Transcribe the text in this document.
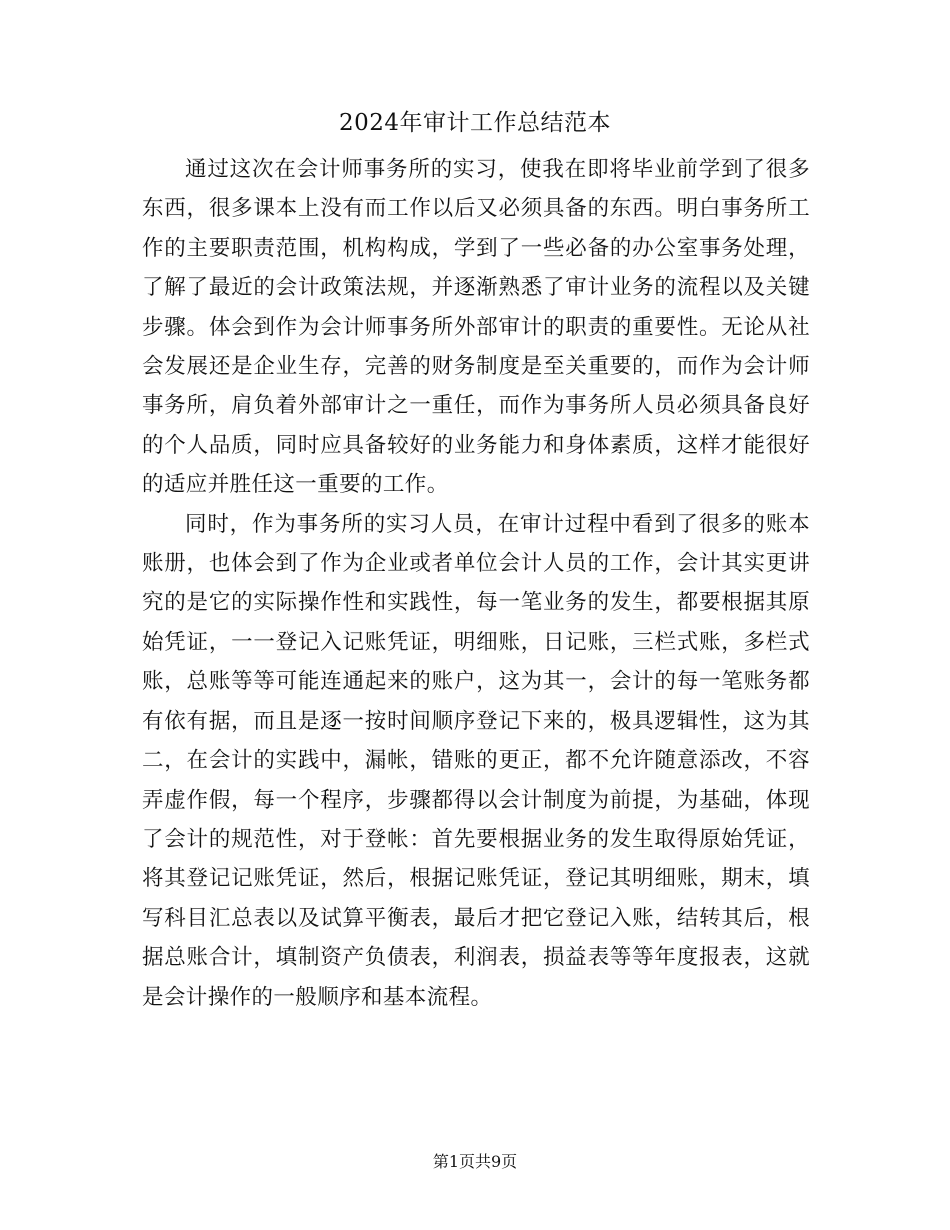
2024年审计工作总结范本

通过这次在会计师事务所的实习，使我在即将毕业前学到了很多东西，很多课本上没有而工作以后又必须具备的东西。明白事务所工作的主要职责范围，机构构成，学到了一些必备的办公室事务处理，了解了最近的会计政策法规，并逐渐熟悉了审计业务的流程以及关键步骤。体会到作为会计师事务所外部审计的职责的重要性。无论从社会发展还是企业生存，完善的财务制度是至关重要的，而作为会计师事务所，肩负着外部审计之一重任，而作为事务所人员必须具备良好的个人品质，同时应具备较好的业务能力和身体素质，这样才能很好的适应并胜任这一重要的工作。

同时，作为事务所的实习人员，在审计过程中看到了很多的账本账册，也体会到了作为企业或者单位会计人员的工作，会计其实更讲究的是它的实际操作性和实践性，每一笔业务的发生，都要根据其原始凭证，一一登记入记账凭证，明细账，日记账，三栏式账，多栏式账，总账等等可能连通起来的账户，这为其一，会计的每一笔账务都有依有据，而且是逐一按时间顺序登记下来的，极具逻辑性，这为其二，在会计的实践中，漏帐，错账的更正，都不允许随意添改，不容弄虚作假，每一个程序，步骤都得以会计制度为前提，为基础，体现了会计的规范性，对于登帐：首先要根据业务的发生取得原始凭证，将其登记记账凭证，然后，根据记账凭证，登记其明细账，期末，填写科目汇总表以及试算平衡表，最后才把它登记入账，结转其后，根据总账合计，填制资产负债表，利润表，损益表等等年度报表，这就是会计操作的一般顺序和基本流程。

第1页共9页
